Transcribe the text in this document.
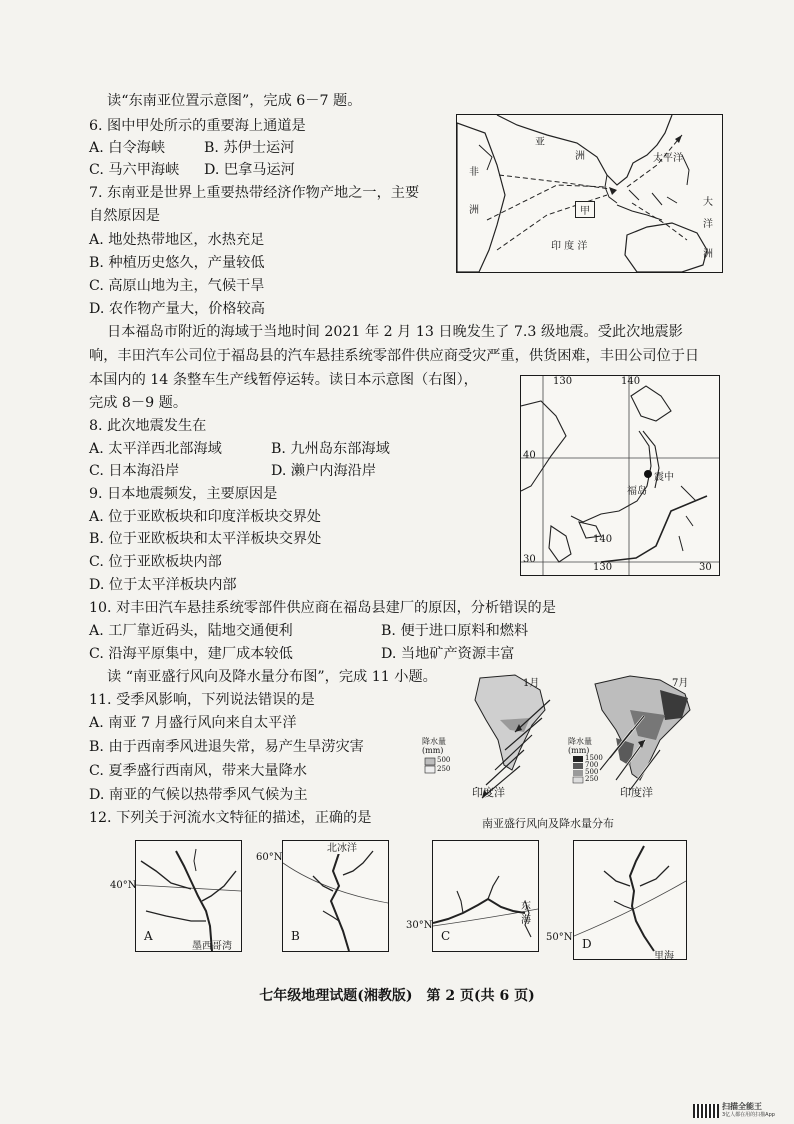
读“东南亚位置示意图”，完成 6－7 题。
6. 图中甲处所示的重要海上通道是
A. 白令海峡	B. 苏伊士运河
C. 马六甲海峡 D. 巴拿马运河
7. 东南亚是世界上重要热带经济作物产地之一，主要
自然原因是
A. 地处热带地区，水热充足
B. 种植历史悠久，产量较低
C. 高原山地为主，气候干旱
D. 农作物产量大，价格较高
亚
洲
非
洲
太平洋
印 度 洋
大
洋
洲
甲
日本福岛市附近的海域于当地时间 2021 年 2 月 13 日晚发生了 7.3 级地震。受此次地震影
响，丰田汽车公司位于福岛县的汽车悬挂系统零部件供应商受灾严重，供货困难，丰田公司位于日
本国内的 14 条整车生产线暂停运转。读日本示意图（右图），
完成 8－9 题。
8. 此次地震发生在
A. 太平洋西北部海域	B. 九州岛东部海域
C. 日本海沿岸	D. 濑户内海沿岸
9. 日本地震频发，主要原因是
A. 位于亚欧板块和印度洋板块交界处
B. 位于亚欧板块和太平洋板块交界处
C. 位于亚欧板块内部
D. 位于太平洋板块内部
130	140
40
30
140
130	30
福岛
震中
10. 对丰田汽车悬挂系统零部件供应商在福岛县建厂的原因，分析错误的是
A. 工厂靠近码头，陆地交通便利	B. 便于进口原料和燃料
C. 沿海平原集中，建厂成本较低	D. 当地矿产资源丰富
读 “南亚盛行风向及降水量分布图”，完成 11 小题。
11. 受季风影响，下列说法错误的是
A. 南亚 7 月盛行风向来自太平洋
B. 由于西南季风进退失常，易产生旱涝灾害
C. 夏季盛行西南风，带来大量降水
D. 南亚的气候以热带季风气候为主
1月	7月
降水量
(mm)
500
250
降水量
(mm)
1500
700
500
250
印度洋	印度洋
南亚盛行风向及降水量分布
12. 下列关于河流水文特征的描述，正确的是
A
墨西哥湾
40°N
B
北冰洋
60°N
C
东
海
30°N
D
里海
50°N
七年级地理试题(湘教版)　第 2 页(共 6 页)
扫描全能王
3亿人都在用的扫描App
